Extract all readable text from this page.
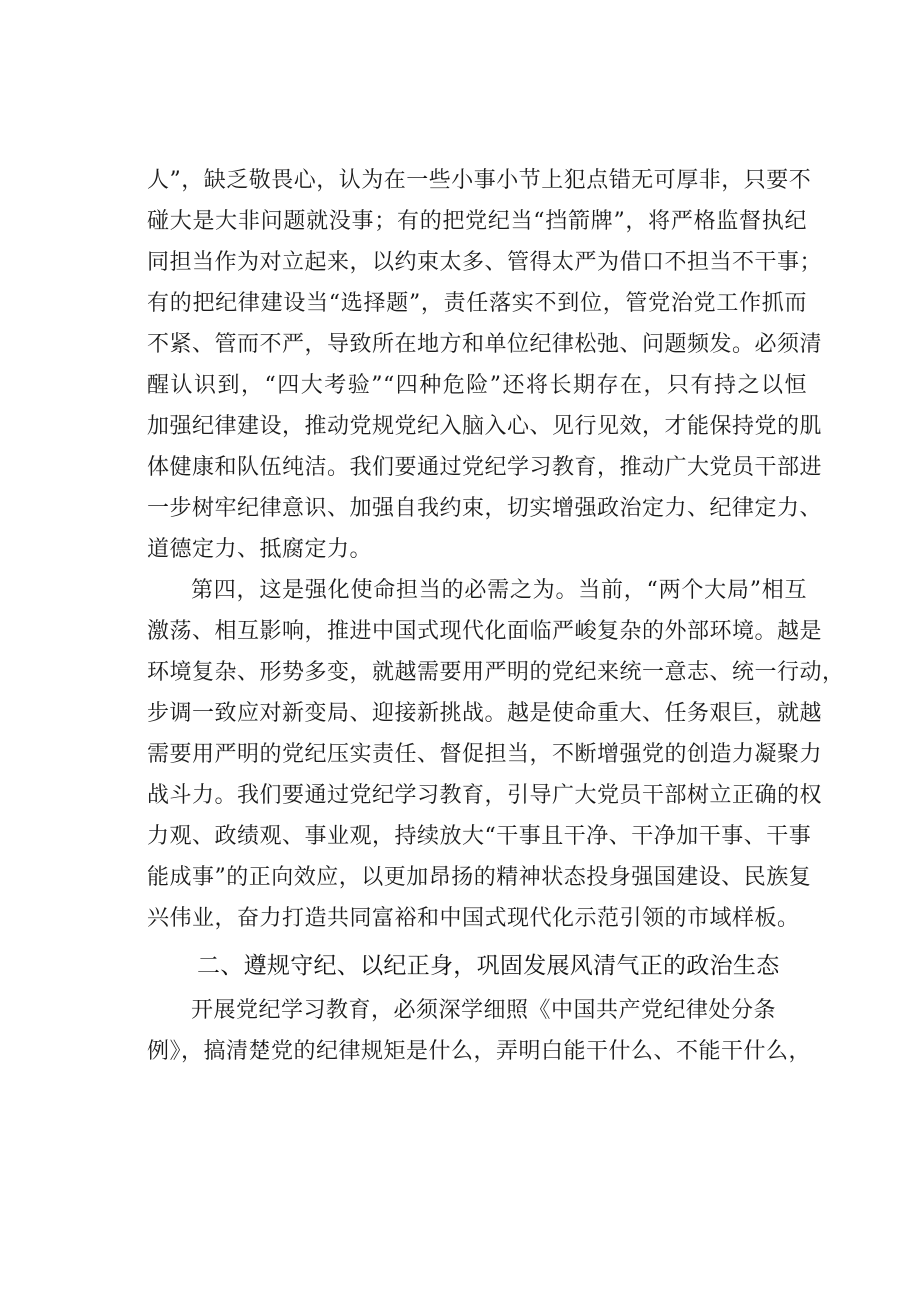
人”，缺乏敬畏心，认为在一些小事小节上犯点错无可厚非，只要不
碰大是大非问题就没事；有的把党纪当“挡箭牌”，将严格监督执纪
同担当作为对立起来，以约束太多、管得太严为借口不担当不干事；
有的把纪律建设当“选择题”，责任落实不到位，管党治党工作抓而
不紧、管而不严，导致所在地方和单位纪律松弛、问题频发。必须清
醒认识到，“四大考验”“四种危险”还将长期存在，只有持之以恒
加强纪律建设，推动党规党纪入脑入心、见行见效，才能保持党的肌
体健康和队伍纯洁。我们要通过党纪学习教育，推动广大党员干部进
一步树牢纪律意识、加强自我约束，切实增强政治定力、纪律定力、
道德定力、抵腐定力。
第四，这是强化使命担当的必需之为。当前，“两个大局”相互
激荡、相互影响，推进中国式现代化面临严峻复杂的外部环境。越是
环境复杂、形势多变，就越需要用严明的党纪来统一意志、统一行动，
步调一致应对新变局、迎接新挑战。越是使命重大、任务艰巨，就越
需要用严明的党纪压实责任、督促担当，不断增强党的创造力凝聚力
战斗力。我们要通过党纪学习教育，引导广大党员干部树立正确的权
力观、政绩观、事业观，持续放大“干事且干净、干净加干事、干事
能成事”的正向效应，以更加昂扬的精神状态投身强国建设、民族复
兴伟业，奋力打造共同富裕和中国式现代化示范引领的市域样板。
二、遵规守纪、以纪正身，巩固发展风清气正的政治生态
开展党纪学习教育，必须深学细照《中国共产党纪律处分条
例》，搞清楚党的纪律规矩是什么，弄明白能干什么、不能干什么，
